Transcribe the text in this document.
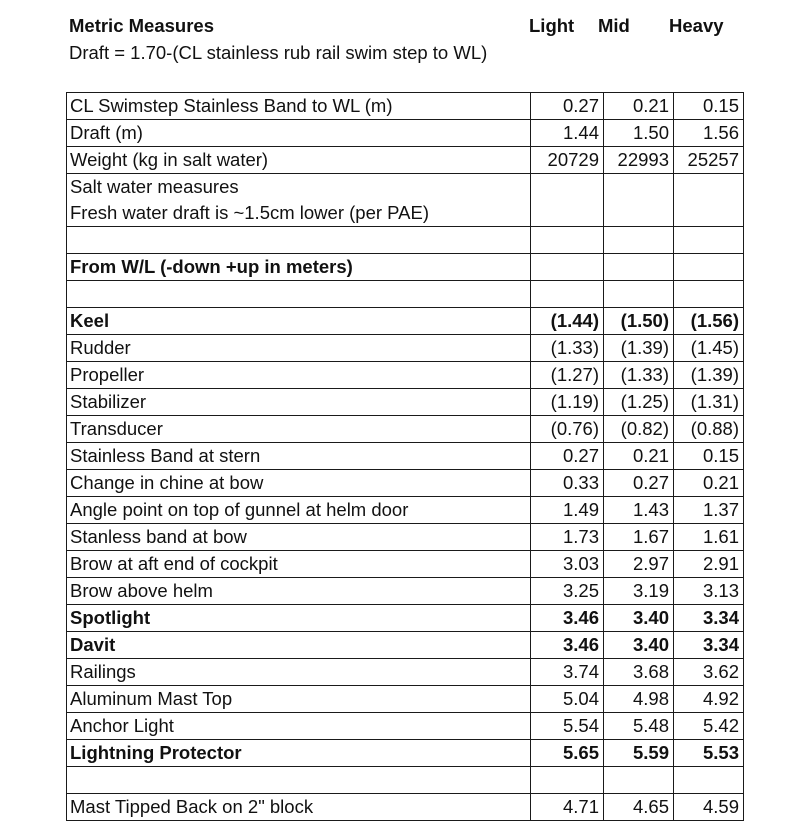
Metric Measures
Draft = 1.70-(CL stainless rub rail swim step to WL)
Light Mid Heavy
CL Swimstep Stainless Band to WL (m)	0.27	0.21	0.15
Draft (m)	1.44	1.50	1.56
Weight (kg in salt water)	20729	22993	25257

Salt water measures
Fresh water draft is ~1.5cm lower (per PAE)			

From W/L (-down +up in meters)			

Keel	(1.44)	(1.50)	(1.56)
Rudder	(1.33)	(1.39)	(1.45)
Propeller	(1.27)	(1.33)	(1.39)
Stabilizer	(1.19)	(1.25)	(1.31)
Transducer	(0.76)	(0.82)	(0.88)
Stainless Band at stern	0.27	0.21	0.15
Change in chine at bow	0.33	0.27	0.21
Angle point on top of gunnel at helm door	1.49	1.43	1.37
Stanless band at bow	1.73	1.67	1.61
Brow at aft end of cockpit	3.03	2.97	2.91
Brow above helm	3.25	3.19	3.13
Spotlight	3.46	3.40	3.34
Davit	3.46	3.40	3.34
Railings	3.74	3.68	3.62
Aluminum Mast Top	5.04	4.98	4.92
Anchor Light	5.54	5.48	5.42
Lightning Protector	5.65	5.59	5.53

Mast Tipped Back on 2" block	4.71	4.65	4.59
